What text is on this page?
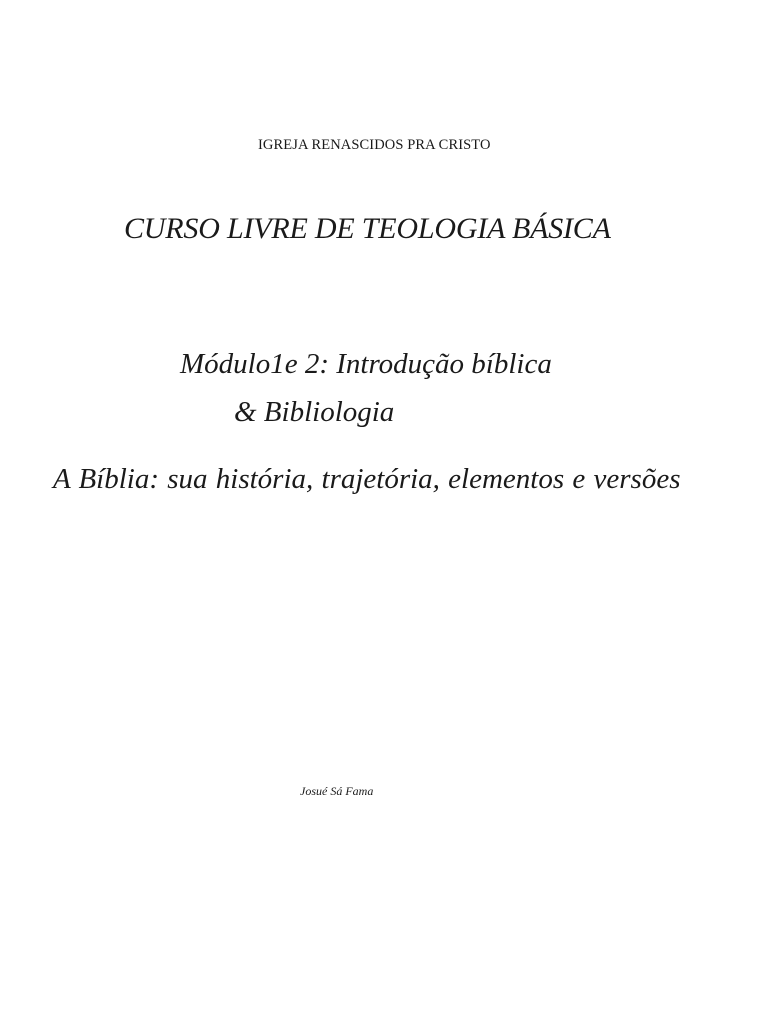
IGREJA RENASCIDOS PRA CRISTO

CURSO LIVRE DE TEOLOGIA BÁSICA
Módulo1e 2: Introdução bíblica
& Bibliologia
A Bíblia: sua história, trajetória, elementos e versões

Josué Sá Fama
